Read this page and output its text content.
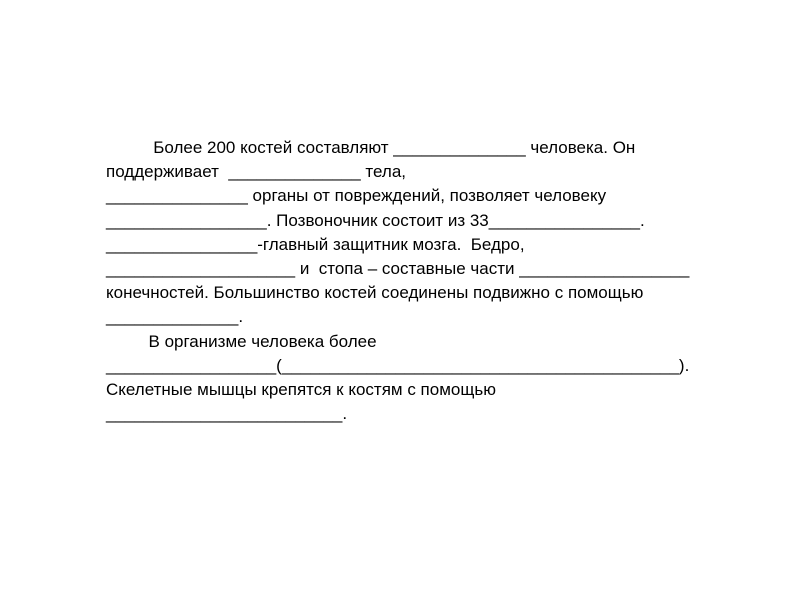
Более 200 костей составляют ______________ человека. Он
поддерживает  ______________ тела,
_______________ органы от повреждений, позволяет человеку
_________________. Позвоночник состоит из 33________________.
________________-главный защитник мозга.  Бедро,
____________________ и  стопа – составные части __________________
конечностей. Большинство костей соединены подвижно с помощью
______________.
В организме человека более
__________________(__________________________________________).
Скелетные мышцы крепятся к костям с помощью
_________________________.
